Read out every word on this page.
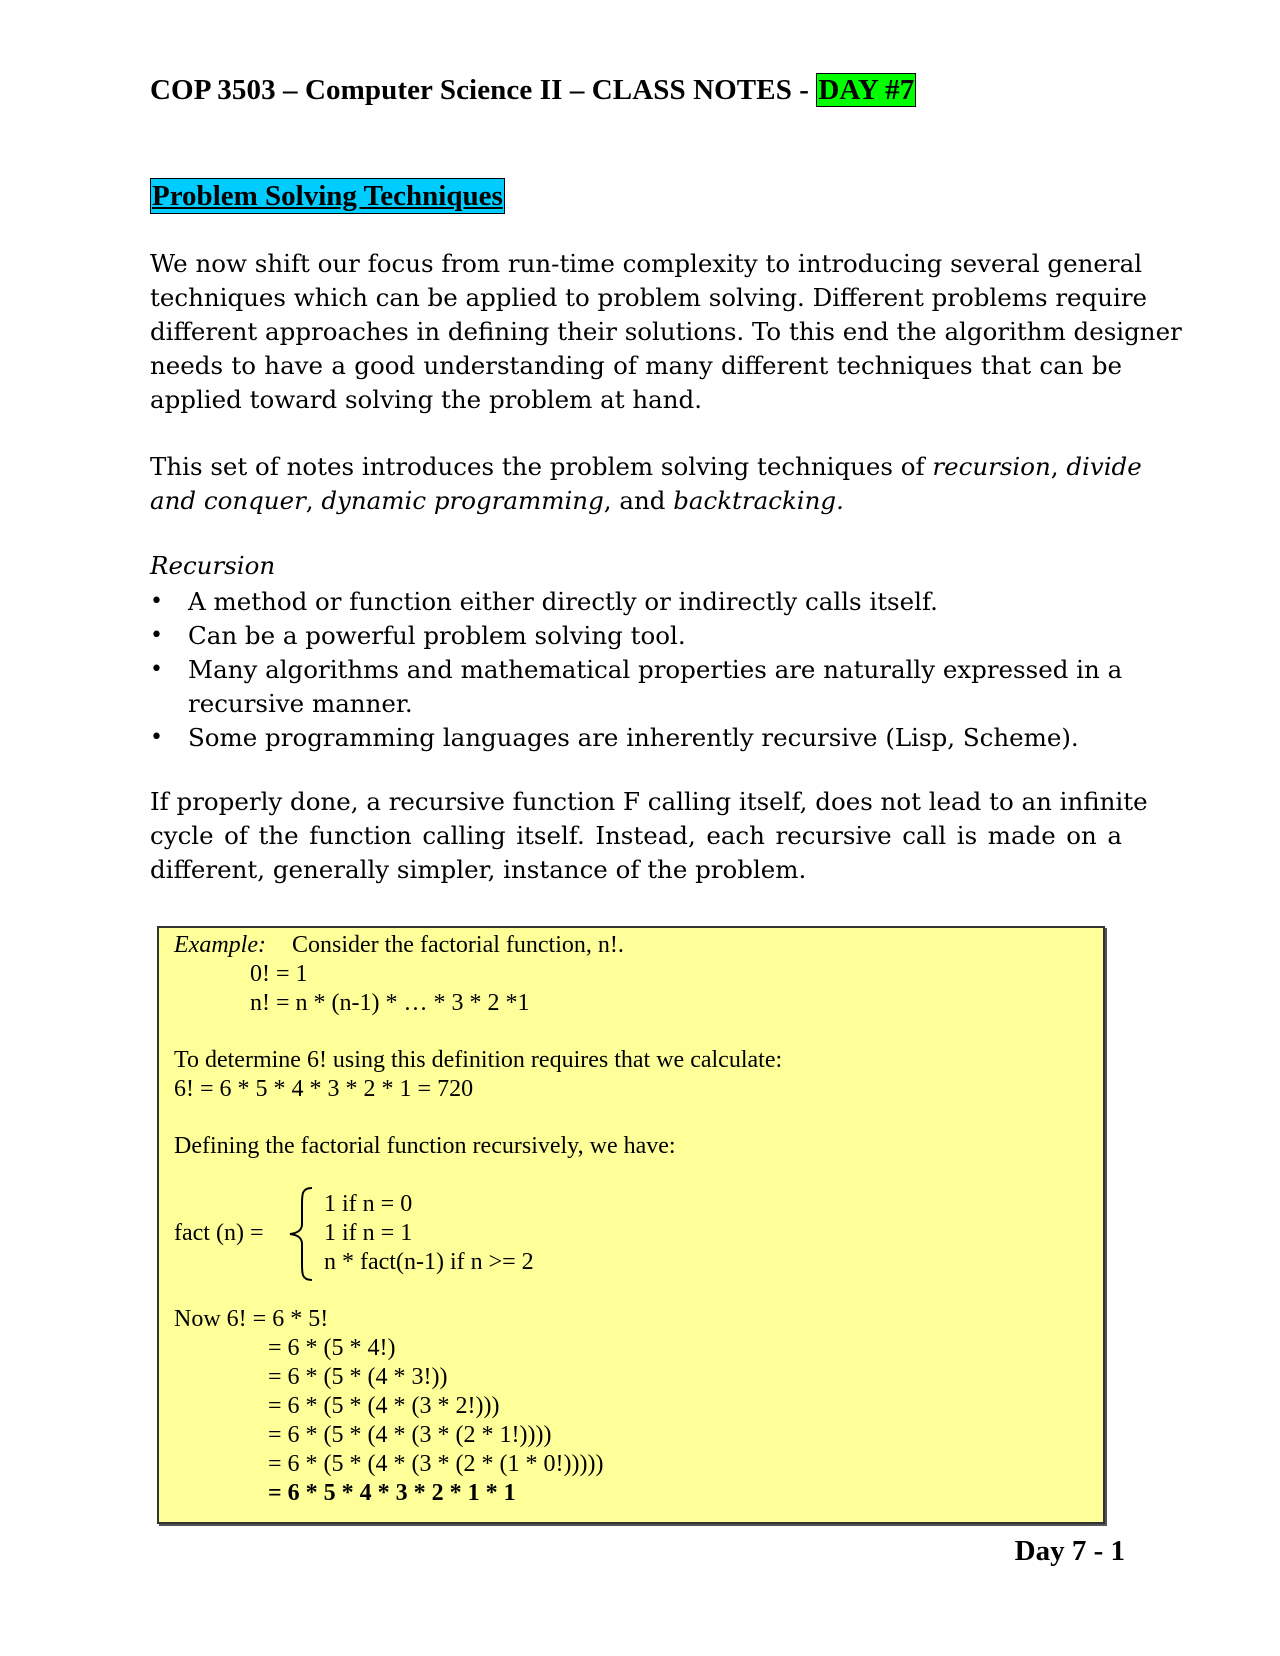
COP 3503 – Computer Science II – CLASS NOTES - DAY #7
Problem Solving Techniques
We now shift our focus from run-time complexity to introducing several general
techniques which can be applied to problem solving. Different problems require
different approaches in defining their solutions. To this end the algorithm designer
needs to have a good understanding of many different techniques that can be
applied toward solving the problem at hand.
This set of notes introduces the problem solving techniques of recursion, divide
and conquer, dynamic programming, and backtracking.
Recursion
• A method or function either directly or indirectly calls itself.
• Can be a powerful problem solving tool.
• Many algorithms and mathematical properties are naturally expressed in a
recursive manner.
• Some programming languages are inherently recursive (Lisp, Scheme).
If properly done, a recursive function F calling itself, does not lead to an infinite
cycle of the function calling itself. Instead, each recursive call is made on a
different, generally simpler, instance of the problem.
Example: Consider the factorial function, n!.
0! = 1
n! = n * (n-1) * … * 3 * 2 *1
To determine 6! using this definition requires that we calculate:
6! = 6 * 5 * 4 * 3 * 2 * 1 = 720
Defining the factorial function recursively, we have:
fact (n) =
1 if n = 0
1 if n = 1
n * fact(n-1) if n >= 2
Now 6! = 6 * 5!
= 6 * (5 * 4!)
= 6 * (5 * (4 * 3!))
= 6 * (5 * (4 * (3 * 2!)))
= 6 * (5 * (4 * (3 * (2 * 1!))))
= 6 * (5 * (4 * (3 * (2 * (1 * 0!)))))
= 6 * 5 * 4 * 3 * 2 * 1 * 1
Day 7 - 1
